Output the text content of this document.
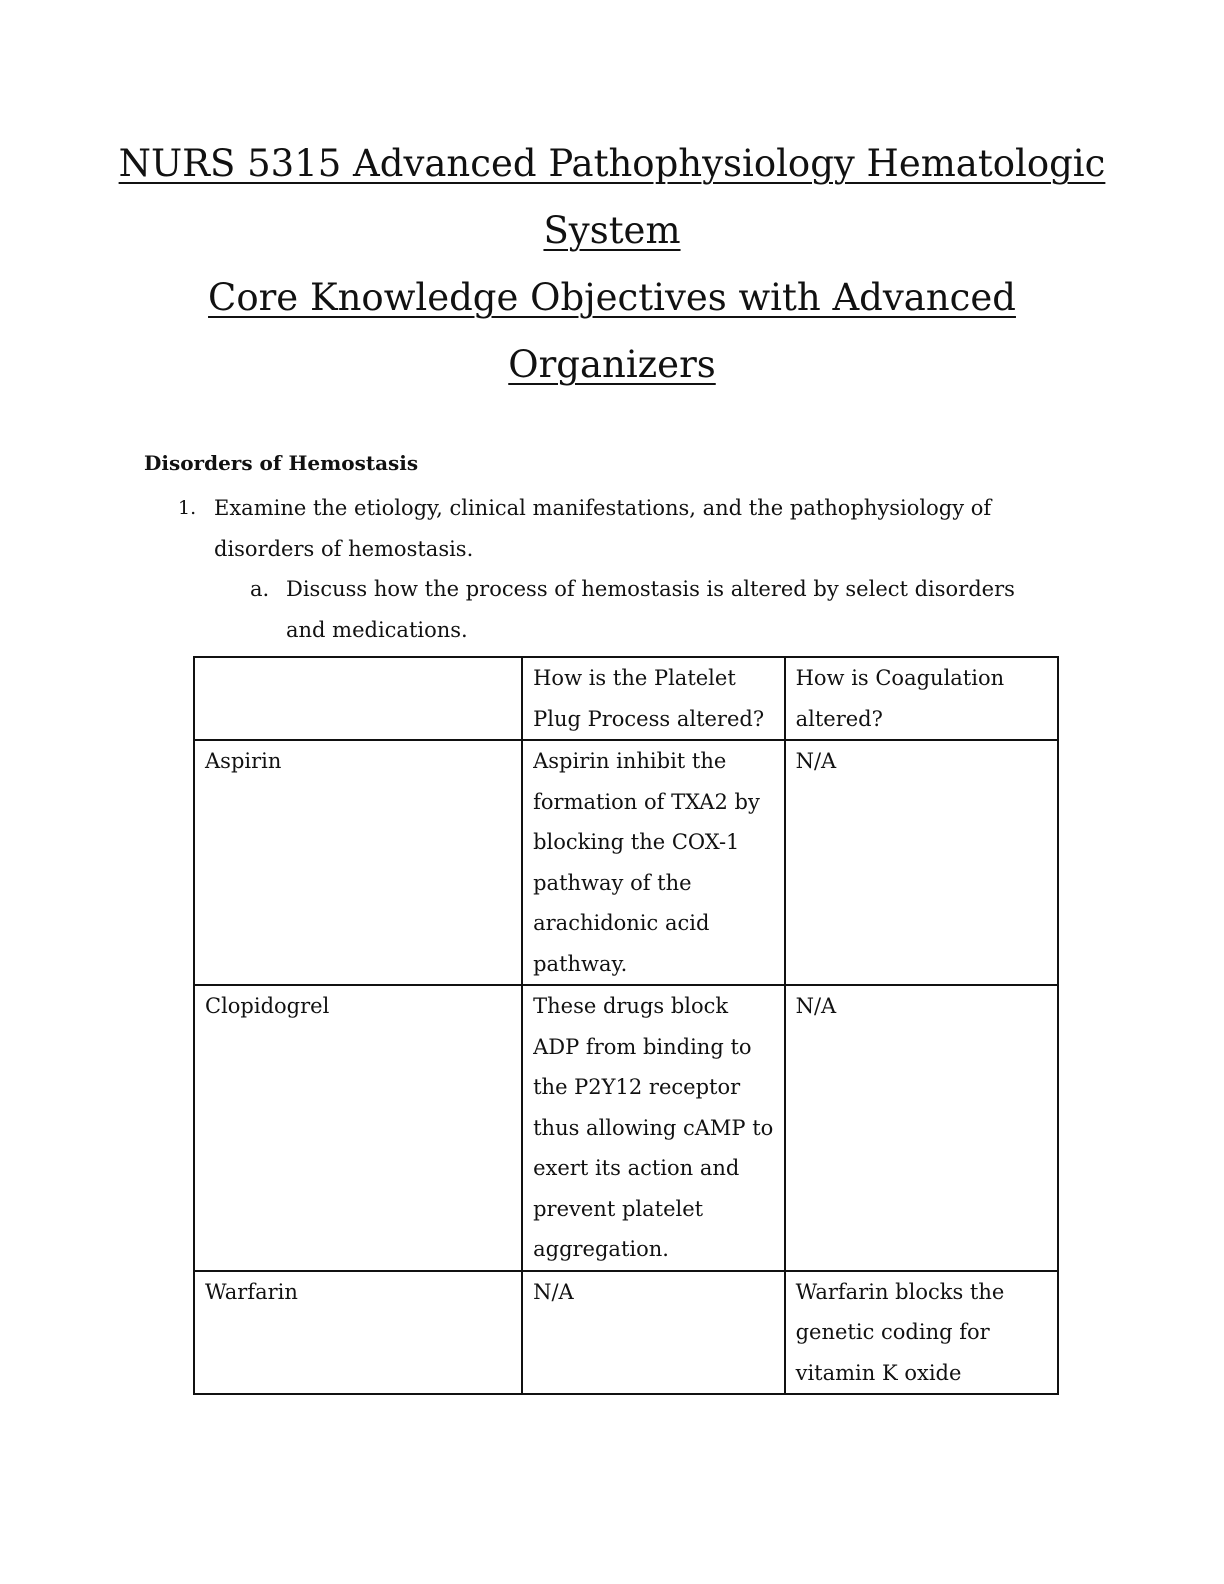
NURS 5315 Advanced Pathophysiology Hematologic
System
Core Knowledge Objectives with Advanced
Organizers
Disorders of Hemostasis
1. Examine the etiology, clinical manifestations, and the pathophysiology of disorders of hemostasis.
a. Discuss how the process of hemostasis is altered by select disorders and medications.
	How is the Platelet Plug Process altered?	How is Coagulation altered?
Aspirin	Aspirin inhibit the formation of TXA2 by blocking the COX-1 pathway of the arachidonic acid pathway.	N/A
Clopidogrel	These drugs block ADP from binding to the P2Y12 receptor thus allowing cAMP to exert its action and prevent platelet aggregation.	N/A
Warfarin	N/A	Warfarin blocks the genetic coding for vitamin K oxide
